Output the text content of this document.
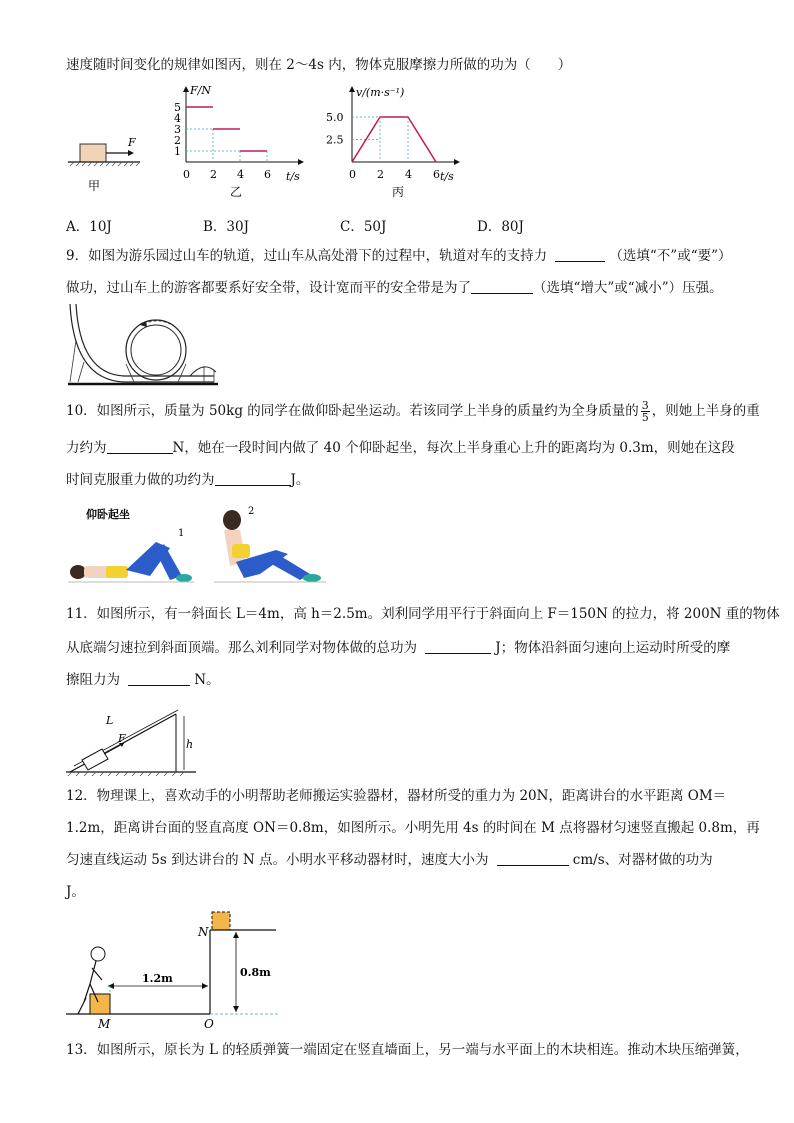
速度随时间变化的规律如图丙，则在 2～4s 内，物体克服摩擦力所做的功为（　　）
F
甲
F/N
t/s
5
4
3
2
1
0 2 4 6
乙
v/(m·s⁻¹)
t/s
5.0
2.5
0 2 4 6
丙
A．10J	B．30J	C．50J	D．80J
9．如图为游乐园过山车的轨道，过山车从高处滑下的过程中，轨道对车的支持力	（选填“不”或“要”）
做功，过山车上的游客都要系好安全带，设计宽而平的安全带是为了	（选填“增大”或“减小”）压强。
10．如图所示，质量为 50kg 的同学在做仰卧起坐运动。若该同学上半身的质量约为全身质量的 $\frac{3}{5}$ ，则她上半身的重
力约为	N，她在一段时间内做了 40 个仰卧起坐，每次上半身重心上升的距离均为 0.3m，则她在这段
时间克服重力做的功约为	J。
仰卧起坐
1
2
11．如图所示，有一斜面长 L＝4m，高 h＝2.5m。刘利同学用平行于斜面向上 F＝150N 的拉力，将 200N 重的物体
从底端匀速拉到斜面顶端。那么刘利同学对物体做的总功为	J；物体沿斜面匀速向上运动时所受的摩
擦阻力为	N。
F
L
h
12．物理课上，喜欢动手的小明帮助老师搬运实验器材，器材所受的重力为 20N，距离讲台的水平距离 OM＝
1.2m，距离讲台面的竖直高度 ON＝0.8m，如图所示。小明先用 4s 的时间在 M 点将器材匀速竖直搬起 0.8m，再
匀速直线运动 5s 到达讲台的 N 点。小明水平移动器材时，速度大小为	cm/s、对器材做的功为
J。
N
0.8m
1.2m
M	O
13．如图所示，原长为 L 的轻质弹簧一端固定在竖直墙面上，另一端与水平面上的木块相连。推动木块压缩弹簧，
